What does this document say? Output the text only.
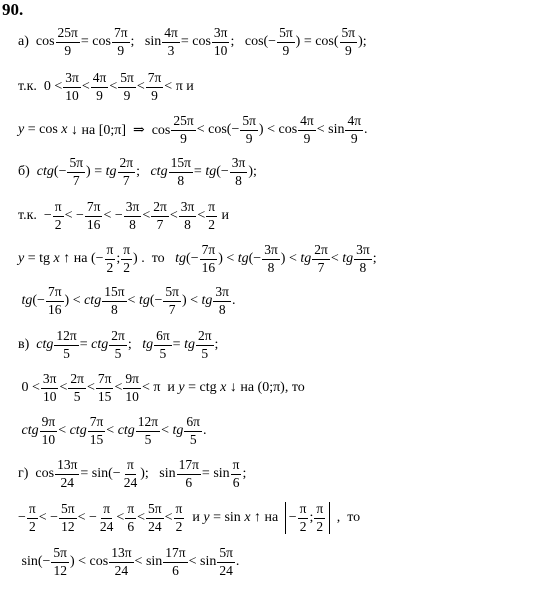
90.
а)  $\cos \frac{25\pi}{9} = \cos \frac{7\pi}{9}$ ;   $\sin \frac{4\pi}{3} = \cos \frac{3\pi}{10}$ ;   $\cos(- \frac{5\pi}{9}$ ) = $\cos( \frac{5\pi}{9}$ );
т.к.  $0 < \frac{3\pi}{10} < \frac{4\pi}{9} < \frac{5\pi}{9} < \frac{7\pi}{9} < \pi$ и
y = cos x ↓ на [0;π]  ⇒  $\cos \frac{25\pi}{9} < \cos(- \frac{5\pi}{9}$ ) < $\cos \frac{4\pi}{9} < \sin \frac{4\pi}{9}$ .
б) ctg (− $\frac{5\pi}{7}$ ) = tg $\frac{2\pi}{7}$ ; ctg $\frac{15\pi}{8}$ = tg (− $\frac{3\pi}{8}$ );
т.к.  − $\frac{\pi}{2}$ < − $\frac{7\pi}{16}$ < − $\frac{3\pi}{8} < \frac{2\pi}{7} < \frac{3\pi}{8} < \frac{\pi}{2}$ и
y = tg x ↑ на (− $\frac{\pi}{2}$ ; $\frac{\pi}{2}$ ) .  то tg (− $\frac{7\pi}{16}$ ) < tg (− $\frac{3\pi}{8}$ ) < tg $\frac{2\pi}{7}$ < tg $\frac{3\pi}{8}$ ;
tg (− $\frac{7\pi}{16}$ ) < ctg $\frac{15\pi}{8}$ < tg (− $\frac{5\pi}{7}$ ) < tg $\frac{3\pi}{8}$ .
в) ctg $\frac{12\pi}{5}$ = ctg $\frac{2\pi}{5}$ ; tg $\frac{6\pi}{5}$ = tg $\frac{2\pi}{5}$ ;
$0 < \frac{3\pi}{10} < \frac{2\pi}{5} < \frac{7\pi}{15} < \frac{9\pi}{10} < \pi$  и y = ctg x ↓ на (0;π), то
ctg $\frac{9\pi}{10}$ < ctg $\frac{7\pi}{15}$ < ctg $\frac{12\pi}{5}$ < tg $\frac{6\pi}{5}$ .
г)  $\cos \frac{13\pi}{24} = \sin(- \frac{\pi}{24}$ );   $\sin \frac{17\pi}{6} = \sin \frac{\pi}{6}$ ;
− $\frac{\pi}{2}$ < − $\frac{5\pi}{12}$ < − $\frac{\pi}{24} < \frac{\pi}{6} < \frac{5\pi}{24} < \frac{\pi}{2}$ и y = sin x ↑ на − $\frac{\pi}{2}$ ; $\frac{\pi}{2}$ ,  то
$\sin(- \frac{5\pi}{12}$ ) < $\cos \frac{13\pi}{24} < \sin \frac{17\pi}{6} < \sin \frac{5\pi}{24}$ .
